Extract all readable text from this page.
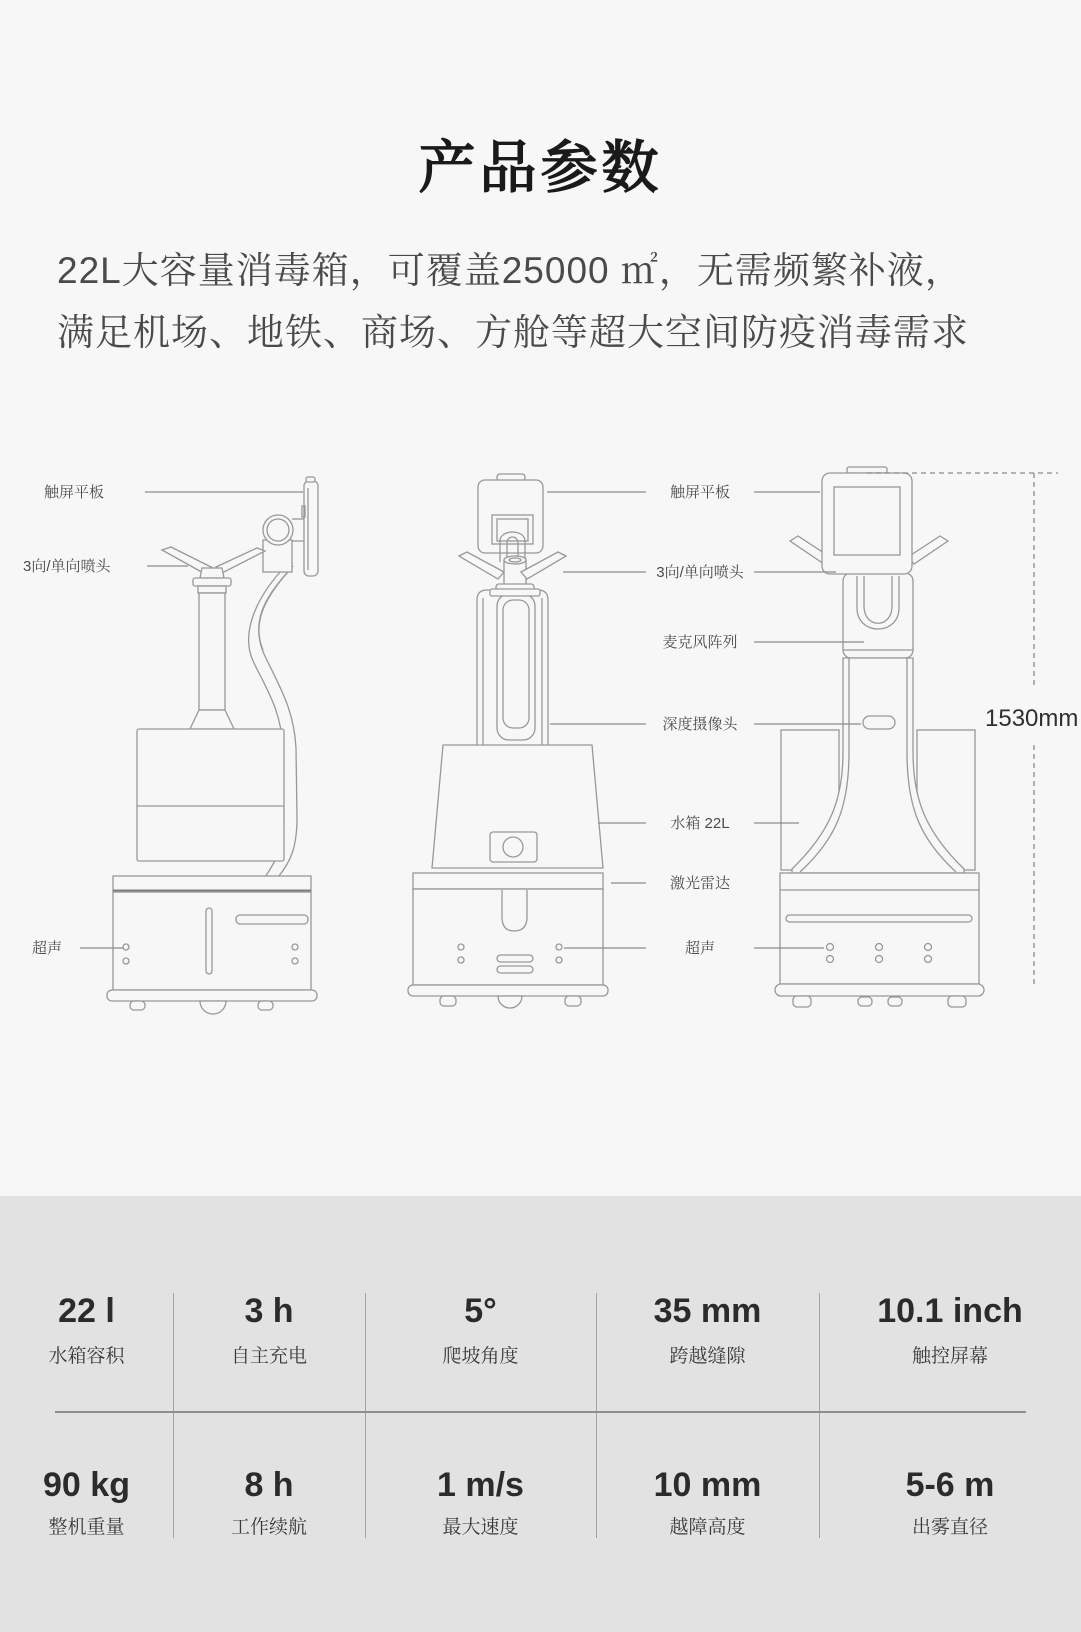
产品参数
22L大容量消毒箱，可覆盖25000 ㎡，无需频繁补液，
满足机场、地铁、商场、方舱等超大空间防疫消毒需求
触屏平板
3向/单向喷头
超声
触屏平板
3向/单向喷头
麦克风阵列
深度摄像头
水箱 22L
激光雷达
超声
1530mm
22 l
水箱容积
3 h
自主充电
5°
爬坡角度
35 mm
跨越缝隙
10.1 inch
触控屏幕
90 kg
整机重量
8 h
工作续航
1 m/s
最大速度
10 mm
越障高度
5-6 m
出雾直径
